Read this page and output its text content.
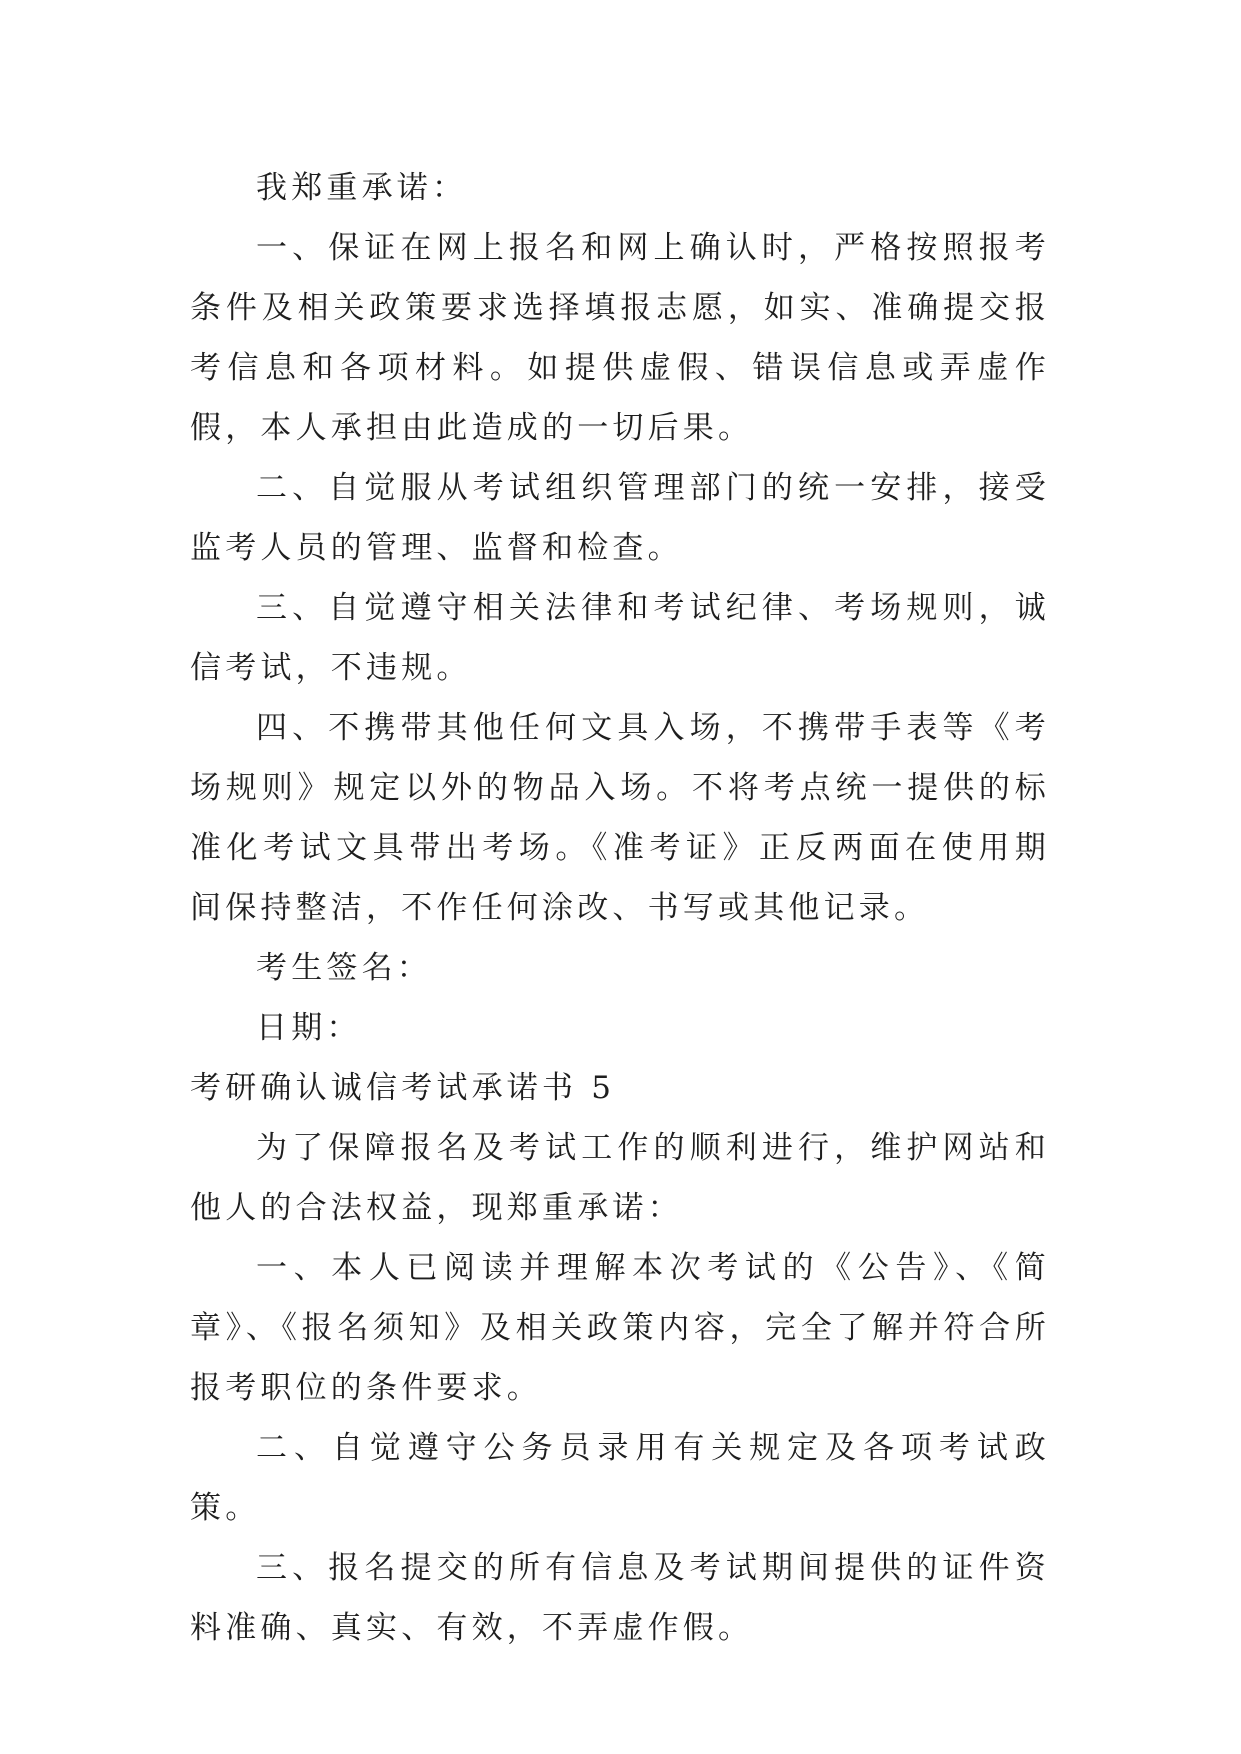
我郑重承诺：

一、保证在网上报名和网上确认时，严格按照报考条件及相关政策要求选择填报志愿，如实、准确提交报考信息和各项材料。如提供虚假、错误信息或弄虚作假，本人承担由此造成的一切后果。

二、自觉服从考试组织管理部门的统一安排，接受监考人员的管理、监督和检查。

三、自觉遵守相关法律和考试纪律、考场规则，诚信考试，不违规。

四、不携带其他任何文具入场，不携带手表等《考场规则》规定以外的物品入场。不将考点统一提供的标准化考试文具带出考场。《准考证》正反两面在使用期间保持整洁，不作任何涂改、书写或其他记录。

考生签名：

日期：

考研确认诚信考试承诺书 5

为了保障报名及考试工作的顺利进行，维护网站和他人的合法权益，现郑重承诺：

一、本人已阅读并理解本次考试的《公告》、《简章》、《报名须知》及相关政策内容，完全了解并符合所报考职位的条件要求。

二、自觉遵守公务员录用有关规定及各项考试政策。

三、报名提交的所有信息及考试期间提供的证件资料准确、真实、有效，不弄虚作假。
